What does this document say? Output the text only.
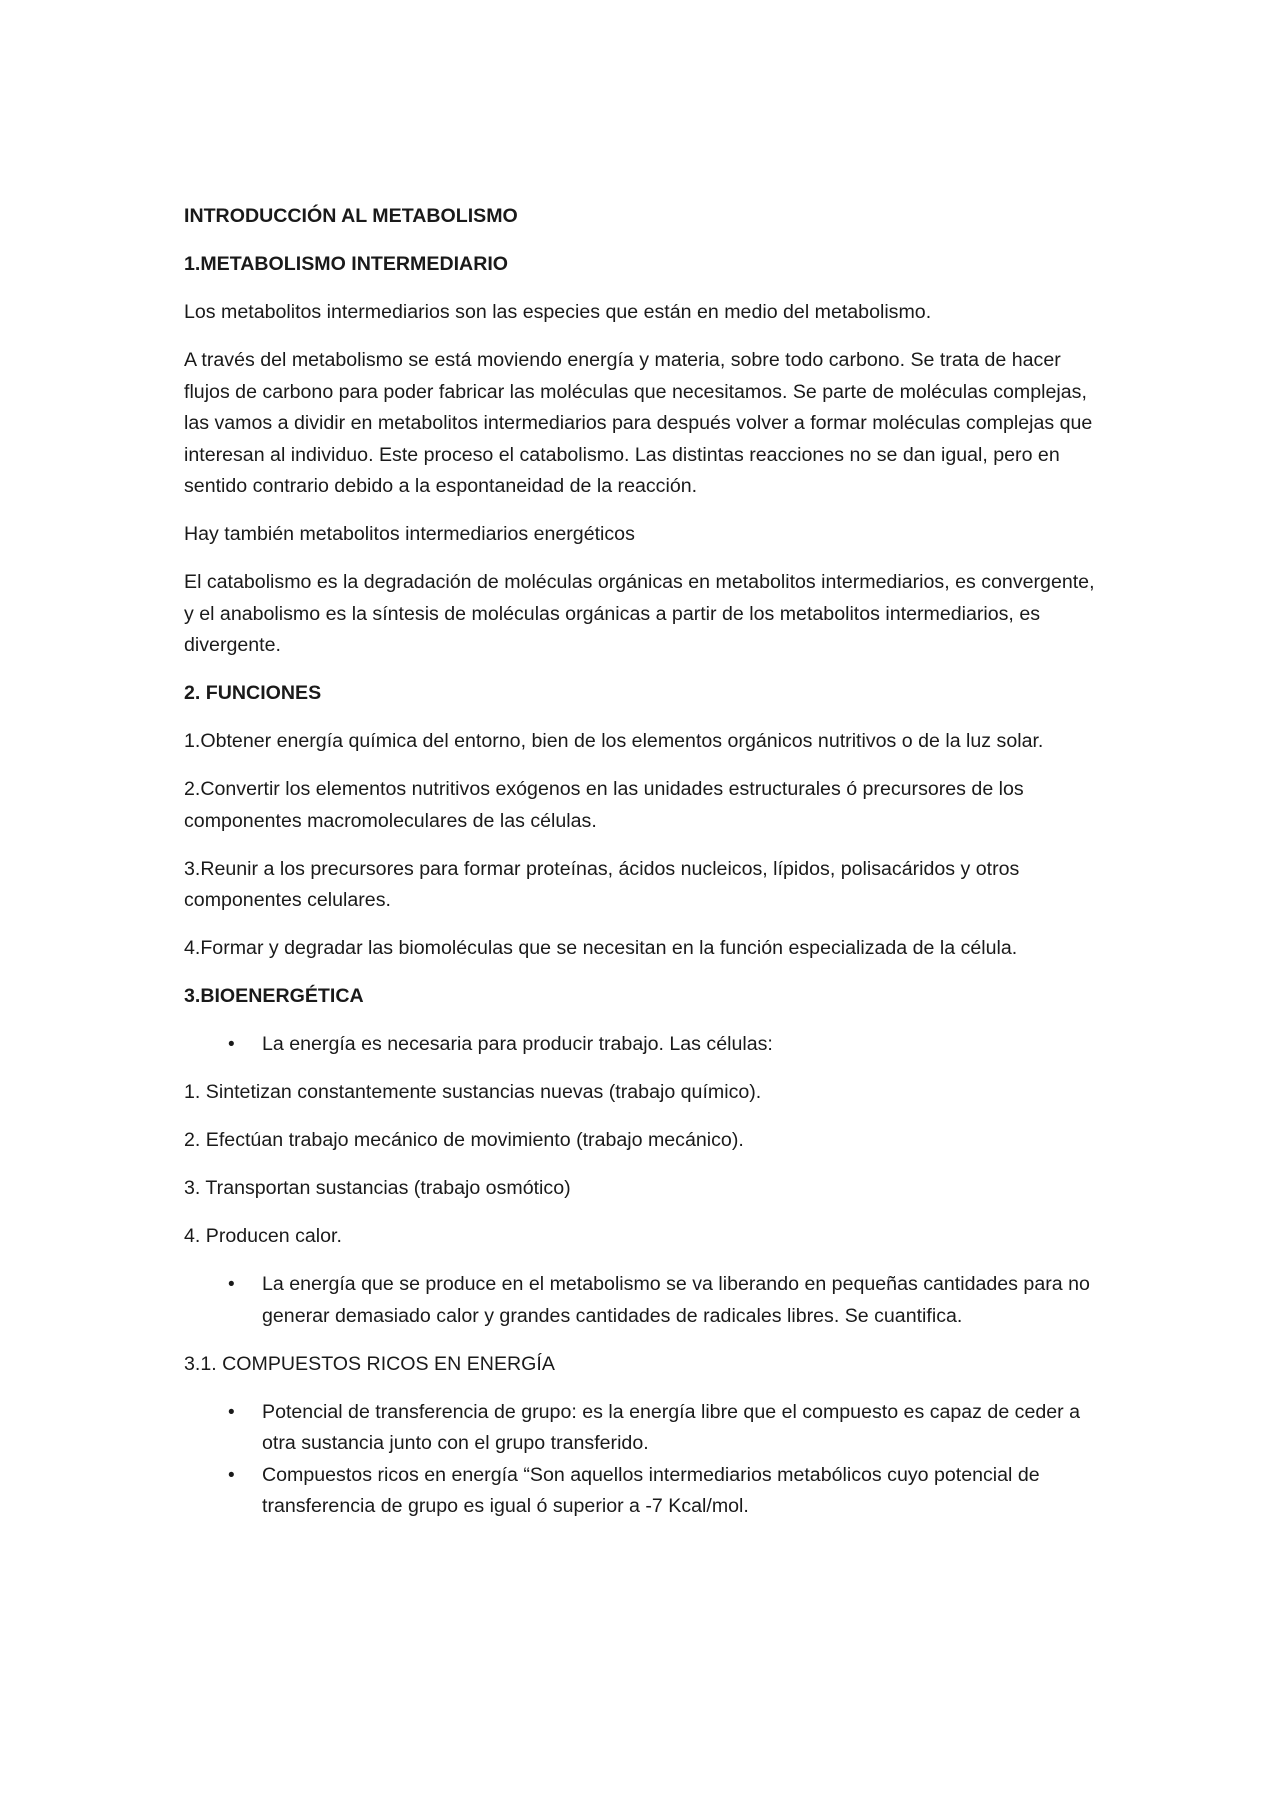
INTRODUCCIÓN AL METABOLISMO
1.METABOLISMO INTERMEDIARIO
Los metabolitos intermediarios son las especies que están en medio del metabolismo.
A través del metabolismo se está moviendo energía y materia, sobre todo carbono. Se trata de hacer flujos de carbono para poder fabricar las moléculas que necesitamos. Se parte de moléculas complejas, las vamos a dividir en metabolitos intermediarios para después volver a formar moléculas complejas que interesan al individuo. Este proceso el catabolismo. Las distintas reacciones no se dan igual, pero en sentido contrario debido a la espontaneidad de la reacción.
Hay también metabolitos intermediarios energéticos
El catabolismo es la degradación de moléculas orgánicas en metabolitos intermediarios, es convergente, y el anabolismo es la síntesis de moléculas orgánicas a partir de los metabolitos intermediarios, es divergente.
2. FUNCIONES
1.Obtener energía química del entorno, bien de los elementos orgánicos nutritivos o de la luz solar.
2.Convertir los elementos nutritivos exógenos en las unidades estructurales ó precursores de los componentes macromoleculares de las células.
3.Reunir a los precursores para formar proteínas, ácidos nucleicos, lípidos, polisacáridos y otros componentes celulares.
4.Formar y degradar las biomoléculas que se necesitan en la función especializada de la célula.
3.BIOENERGÉTICA
• La energía es necesaria para producir trabajo. Las células:
1. Sintetizan constantemente sustancias nuevas (trabajo químico).
2. Efectúan trabajo mecánico de movimiento (trabajo mecánico).
3. Transportan sustancias (trabajo osmótico)
4. Producen calor.
• La energía que se produce en el metabolismo se va liberando en pequeñas cantidades para no generar demasiado calor y grandes cantidades de radicales libres. Se cuantifica.
3.1. COMPUESTOS RICOS EN ENERGÍA
• Potencial de transferencia de grupo: es la energía libre que el compuesto es capaz de ceder a otra sustancia junto con el grupo transferido.
• Compuestos ricos en energía “Son aquellos intermediarios metabólicos cuyo potencial de transferencia de grupo es igual ó superior a -7 Kcal/mol.
